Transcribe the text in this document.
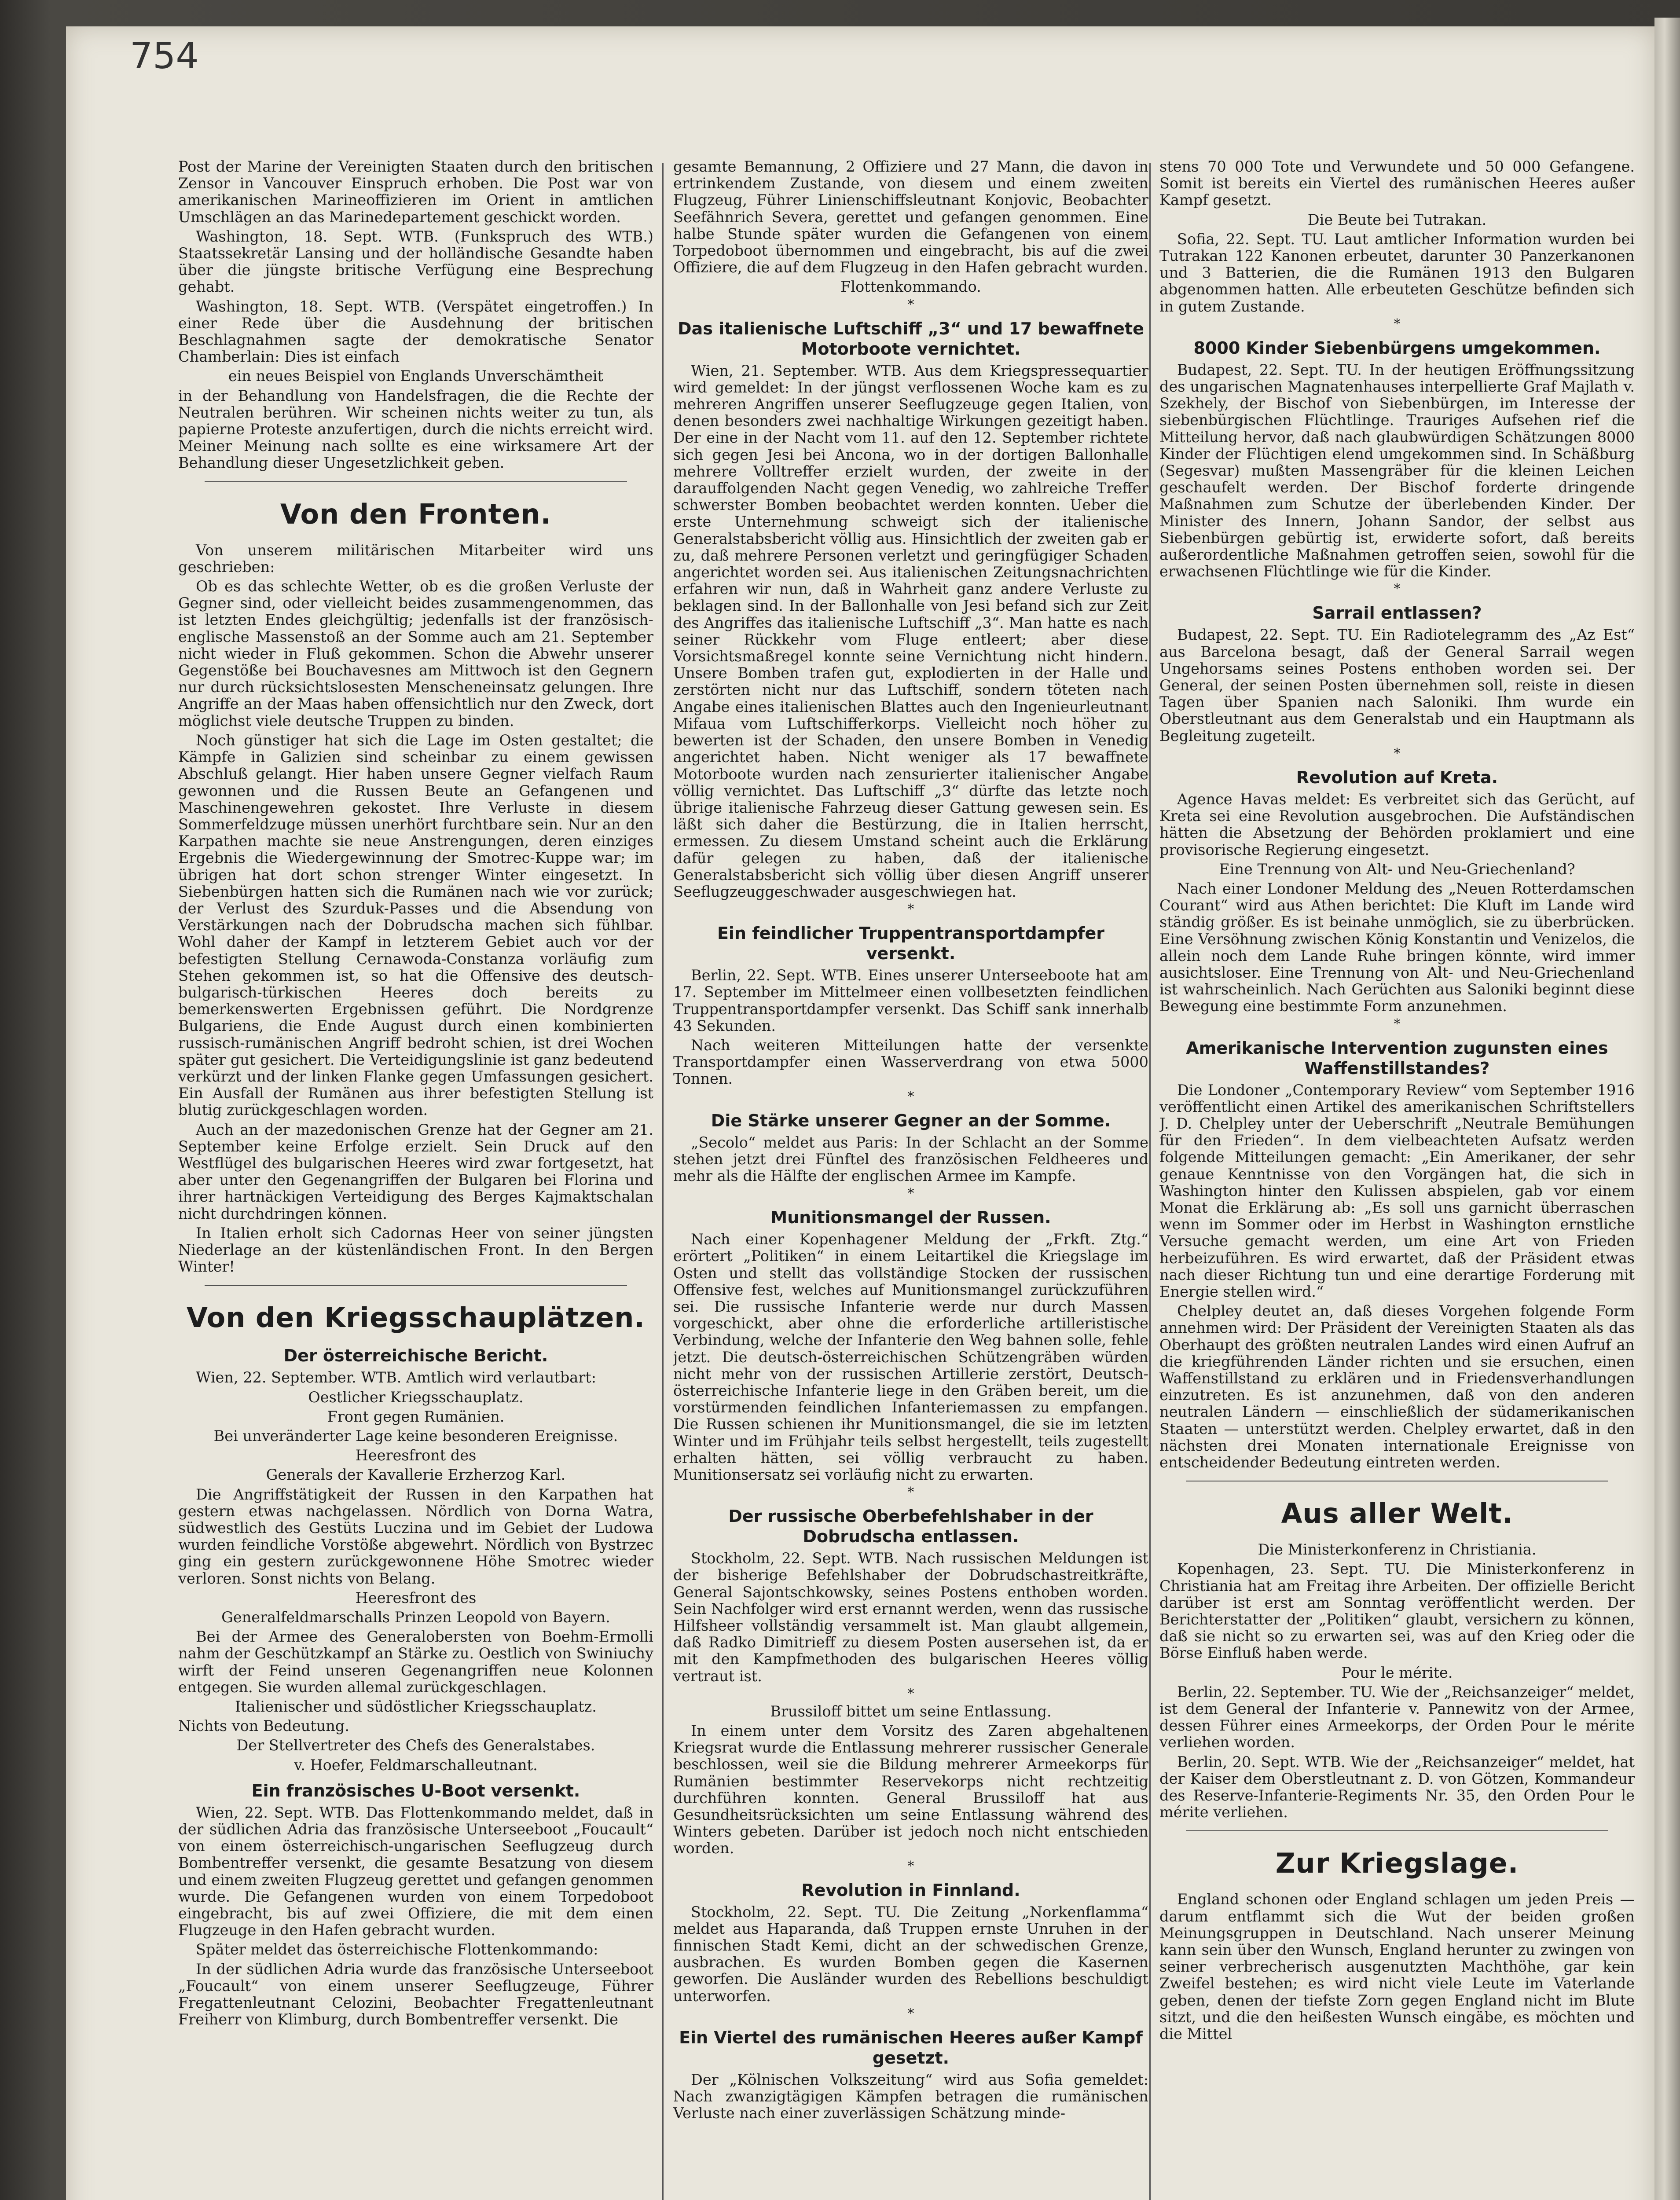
754

Post der Marine der Vereinigten Staaten durch den britischen Zensor in Vancouver Einspruch erhoben. Die Post war von amerikanischen Marineoffizieren im Orient in amtlichen Umschlägen an das Marinedepartement geschickt worden.

Washington, 18. Sept. WTB. (Funkspruch des WTB.) Staatssekretär Lansing und der holländische Gesandte haben über die jüngste britische Verfügung eine Besprechung gehabt.

Washington, 18. Sept. WTB. (Verspätet eingetroffen.) In einer Rede über die Ausdehnung der britischen Beschlagnahmen sagte der demokratische Senator Chamberlain: Dies ist einfach

ein neues Beispiel von Englands Unverschämtheit

in der Behandlung von Handelsfragen, die die Rechte der Neutralen berühren. Wir scheinen nichts weiter zu tun, als papierne Proteste anzufertigen, durch die nichts erreicht wird. Meiner Meinung nach sollte es eine wirksamere Art der Behandlung dieser Ungesetzlichkeit geben.

Von den Fronten.

Von unserem militärischen Mitarbeiter wird uns geschrieben:

Ob es das schlechte Wetter, ob es die großen Verluste der Gegner sind, oder vielleicht beides zusammengenommen, das ist letzten Endes gleichgültig; jedenfalls ist der französisch-englische Massenstoß an der Somme auch am 21. September nicht wieder in Fluß gekommen. Schon die Abwehr unserer Gegenstöße bei Bouchavesnes am Mittwoch ist den Gegnern nur durch rücksichtslosesten Menscheneinsatz gelungen. Ihre Angriffe an der Maas haben offensichtlich nur den Zweck, dort möglichst viele deutsche Truppen zu binden.

Noch günstiger hat sich die Lage im Osten gestaltet; die Kämpfe in Galizien sind scheinbar zu einem gewissen Abschluß gelangt. Hier haben unsere Gegner vielfach Raum gewonnen und die Russen Beute an Gefangenen und Maschinengewehren gekostet. Ihre Verluste in diesem Sommerfeldzuge müssen unerhört furchtbare sein. Nur an den Karpathen machte sie neue Anstrengungen, deren einziges Ergebnis die Wiedergewinnung der Smotrec-Kuppe war; im übrigen hat dort schon strenger Winter eingesetzt. In Siebenbürgen hatten sich die Rumänen nach wie vor zurück; der Verlust des Szurduk-Passes und die Absendung von Verstärkungen nach der Dobrudscha machen sich fühlbar. Wohl daher der Kampf in letzterem Gebiet auch vor der befestigten Stellung Cernawoda-Constanza vorläufig zum Stehen gekommen ist, so hat die Offensive des deutsch-bulgarisch-türkischen Heeres doch bereits zu bemerkenswerten Ergebnissen geführt. Die Nordgrenze Bulgariens, die Ende August durch einen kombinierten russisch-rumänischen Angriff bedroht schien, ist drei Wochen später gut gesichert. Die Verteidigungslinie ist ganz bedeutend verkürzt und der linken Flanke gegen Umfassungen gesichert. Ein Ausfall der Rumänen aus ihrer befestigten Stellung ist blutig zurückgeschlagen worden.

Auch an der mazedonischen Grenze hat der Gegner am 21. September keine Erfolge erzielt. Sein Druck auf den Westflügel des bulgarischen Heeres wird zwar fortgesetzt, hat aber unter den Gegenangriffen der Bulgaren bei Florina und ihrer hartnäckigen Verteidigung des Berges Kajmaktschalan nicht durchdringen können.

In Italien erholt sich Cadornas Heer von seiner jüngsten Niederlage an der küstenländischen Front. In den Bergen Winter!

Von den Kriegsschauplätzen.
Der österreichische Bericht.

Wien, 22. September. WTB. Amtlich wird verlautbart:

Oestlicher Kriegsschauplatz.

Front gegen Rumänien.

Bei unveränderter Lage keine besonderen Ereignisse.

Heeresfront des

Generals der Kavallerie Erzherzog Karl.

Die Angriffstätigkeit der Russen in den Karpathen hat gestern etwas nachgelassen. Nördlich von Dorna Watra, südwestlich des Gestüts Luczina und im Gebiet der Ludowa wurden feindliche Vorstöße abgewehrt. Nördlich von Bystrzec ging ein gestern zurückgewonnene Höhe Smotrec wieder verloren. Sonst nichts von Belang.

Heeresfront des

Generalfeldmarschalls Prinzen Leopold von Bayern.

Bei der Armee des Generalobersten von Boehm-Ermolli nahm der Geschützkampf an Stärke zu. Oestlich von Swiniuchy wirft der Feind unseren Gegenangriffen neue Kolonnen entgegen. Sie wurden allemal zurückgeschlagen.

Italienischer und südöstlicher Kriegsschauplatz.

Nichts von Bedeutung.

Der Stellvertreter des Chefs des Generalstabes.

v. Hoefer, Feldmarschalleutnant.

Ein französisches U-Boot versenkt.

Wien, 22. Sept. WTB. Das Flottenkommando meldet, daß in der südlichen Adria das französische Unterseeboot „Foucault“ von einem österreichisch-ungarischen Seeflugzeug durch Bombentreffer versenkt, die gesamte Besatzung von diesem und einem zweiten Flugzeug gerettet und gefangen genommen wurde. Die Gefangenen wurden von einem Torpedoboot eingebracht, bis auf zwei Offiziere, die mit dem einen Flugzeuge in den Hafen gebracht wurden.

Später meldet das österreichische Flottenkommando:

In der südlichen Adria wurde das französische Unterseeboot „Foucault“ von einem unserer Seeflugzeuge, Führer Fregattenleutnant Celozini, Beobachter Fregattenleutnant Freiherr von Klimburg, durch Bombentreffer versenkt. Die

gesamte Bemannung, 2 Offiziere und 27 Mann, die davon in ertrinkendem Zustande, von diesem und einem zweiten Flugzeug, Führer Linienschiffsleutnant Konjovic, Beobachter Seefähnrich Severa, gerettet und gefangen genommen. Eine halbe Stunde später wurden die Gefangenen von einem Torpedoboot übernommen und eingebracht, bis auf die zwei Offiziere, die auf dem Flugzeug in den Hafen gebracht wurden.

Flottenkommando.

*
Das italienische Luftschiff „3“ und 17 bewaffnete Motorboote vernichtet.

Wien, 21. September. WTB. Aus dem Kriegspressequartier wird gemeldet: In der jüngst verflossenen Woche kam es zu mehreren Angriffen unserer Seeflugzeuge gegen Italien, von denen besonders zwei nachhaltige Wirkungen gezeitigt haben. Der eine in der Nacht vom 11. auf den 12. September richtete sich gegen Jesi bei Ancona, wo in der dortigen Ballonhalle mehrere Volltreffer erzielt wurden, der zweite in der darauffolgenden Nacht gegen Venedig, wo zahlreiche Treffer schwerster Bomben beobachtet werden konnten. Ueber die erste Unternehmung schweigt sich der italienische Generalstabsbericht völlig aus. Hinsichtlich der zweiten gab er zu, daß mehrere Personen verletzt und geringfügiger Schaden angerichtet worden sei. Aus italienischen Zeitungsnachrichten erfahren wir nun, daß in Wahrheit ganz andere Verluste zu beklagen sind. In der Ballonhalle von Jesi befand sich zur Zeit des Angriffes das italienische Luftschiff „3“. Man hatte es nach seiner Rückkehr vom Fluge entleert; aber diese Vorsichtsmaßregel konnte seine Vernichtung nicht hindern. Unsere Bomben trafen gut, explodierten in der Halle und zerstörten nicht nur das Luftschiff, sondern töteten nach Angabe eines italienischen Blattes auch den Ingenieurleutnant Mifaua vom Luftschifferkorps. Vielleicht noch höher zu bewerten ist der Schaden, den unsere Bomben in Venedig angerichtet haben. Nicht weniger als 17 bewaffnete Motorboote wurden nach zensurierter italienischer Angabe völlig vernichtet. Das Luftschiff „3“ dürfte das letzte noch übrige italienische Fahrzeug dieser Gattung gewesen sein. Es läßt sich daher die Bestürzung, die in Italien herrscht, ermessen. Zu diesem Umstand scheint auch die Erklärung dafür gelegen zu haben, daß der italienische Generalstabsbericht sich völlig über diesen Angriff unserer Seeflugzeuggeschwader ausgeschwiegen hat.

*
Ein feindlicher Truppentransportdampfer versenkt.

Berlin, 22. Sept. WTB. Eines unserer Unterseeboote hat am 17. September im Mittelmeer einen vollbesetzten feindlichen Truppentransportdampfer versenkt. Das Schiff sank innerhalb 43 Sekunden.

Nach weiteren Mitteilungen hatte der versenkte Transportdampfer einen Wasserverdrang von etwa 5000 Tonnen.

*
Die Stärke unserer Gegner an der Somme.

„Secolo“ meldet aus Paris: In der Schlacht an der Somme stehen jetzt drei Fünftel des französischen Feldheeres und mehr als die Hälfte der englischen Armee im Kampfe.

*
Munitionsmangel der Russen.

Nach einer Kopenhagener Meldung der „Frkft. Ztg.“ erörtert „Politiken“ in einem Leitartikel die Kriegslage im Osten und stellt das vollständige Stocken der russischen Offensive fest, welches auf Munitionsmangel zurückzuführen sei. Die russische Infanterie werde nur durch Massen vorgeschickt, aber ohne die erforderliche artilleristische Verbindung, welche der Infanterie den Weg bahnen solle, fehle jetzt. Die deutsch-österreichischen Schützengräben würden nicht mehr von der russischen Artillerie zerstört, Deutsch-österreichische Infanterie liege in den Gräben bereit, um die vorstürmenden feindlichen Infanteriemassen zu empfangen. Die Russen schienen ihr Munitionsmangel, die sie im letzten Winter und im Frühjahr teils selbst hergestellt, teils zugestellt erhalten hätten, sei völlig verbraucht zu haben. Munitionsersatz sei vorläufig nicht zu erwarten.

*
Der russische Oberbefehlshaber in der Dobrudscha entlassen.

Stockholm, 22. Sept. WTB. Nach russischen Meldungen ist der bisherige Befehlshaber der Dobrudschastreitkräfte, General Sajontschkowsky, seines Postens enthoben worden. Sein Nachfolger wird erst ernannt werden, wenn das russische Hilfsheer vollständig versammelt ist. Man glaubt allgemein, daß Radko Dimitrieff zu diesem Posten ausersehen ist, da er mit den Kampfmethoden des bulgarischen Heeres völlig vertraut ist.

*

Brussiloff bittet um seine Entlassung.

In einem unter dem Vorsitz des Zaren abgehaltenen Kriegsrat wurde die Entlassung mehrerer russischer Generale beschlossen, weil sie die Bildung mehrerer Armeekorps für Rumänien bestimmter Reservekorps nicht rechtzeitig durchführen konnten. General Brussiloff hat aus Gesundheitsrücksichten um seine Entlassung während des Winters gebeten. Darüber ist jedoch noch nicht entschieden worden.

*
Revolution in Finnland.

Stockholm, 22. Sept. TU. Die Zeitung „Norkenflamma“ meldet aus Haparanda, daß Truppen ernste Unruhen in der finnischen Stadt Kemi, dicht an der schwedischen Grenze, ausbrachen. Es wurden Bomben gegen die Kasernen geworfen. Die Ausländer wurden des Rebellions beschuldigt unterworfen.

*
Ein Viertel des rumänischen Heeres außer Kampf gesetzt.

Der „Kölnischen Volkszeitung“ wird aus Sofia gemeldet: Nach zwanzigtägigen Kämpfen betragen die rumänischen Verluste nach einer zuverlässigen Schätzung minde-

stens 70 000 Tote und Verwundete und 50 000 Gefangene. Somit ist bereits ein Viertel des rumänischen Heeres außer Kampf gesetzt.

Die Beute bei Tutrakan.

Sofia, 22. Sept. TU. Laut amtlicher Information wurden bei Tutrakan 122 Kanonen erbeutet, darunter 30 Panzerkanonen und 3 Batterien, die die Rumänen 1913 den Bulgaren abgenommen hatten. Alle erbeuteten Geschütze befinden sich in gutem Zustande.

*
8000 Kinder Siebenbürgens umgekommen.

Budapest, 22. Sept. TU. In der heutigen Eröffnungssitzung des ungarischen Magnatenhauses interpellierte Graf Majlath v. Szekhely, der Bischof von Siebenbürgen, im Interesse der siebenbürgischen Flüchtlinge. Trauriges Aufsehen rief die Mitteilung hervor, daß nach glaubwürdigen Schätzungen 8000 Kinder der Flüchtigen elend umgekommen sind. In Schäßburg (Segesvar) mußten Massengräber für die kleinen Leichen geschaufelt werden. Der Bischof forderte dringende Maßnahmen zum Schutze der überlebenden Kinder. Der Minister des Innern, Johann Sandor, der selbst aus Siebenbürgen gebürtig ist, erwiderte sofort, daß bereits außerordentliche Maßnahmen getroffen seien, sowohl für die erwachsenen Flüchtlinge wie für die Kinder.

*
Sarrail entlassen?

Budapest, 22. Sept. TU. Ein Radiotelegramm des „Az Est“ aus Barcelona besagt, daß der General Sarrail wegen Ungehorsams seines Postens enthoben worden sei. Der General, der seinen Posten übernehmen soll, reiste in diesen Tagen über Spanien nach Saloniki. Ihm wurde ein Oberstleutnant aus dem Generalstab und ein Hauptmann als Begleitung zugeteilt.

*
Revolution auf Kreta.

Agence Havas meldet: Es verbreitet sich das Gerücht, auf Kreta sei eine Revolution ausgebrochen. Die Aufständischen hätten die Absetzung der Behörden proklamiert und eine provisorische Regierung eingesetzt.

Eine Trennung von Alt- und Neu-Griechenland?

Nach einer Londoner Meldung des „Neuen Rotterdamschen Courant“ wird aus Athen berichtet: Die Kluft im Lande wird ständig größer. Es ist beinahe unmöglich, sie zu überbrücken. Eine Versöhnung zwischen König Konstantin und Venizelos, die allein noch dem Lande Ruhe bringen könnte, wird immer ausichtsloser. Eine Trennung von Alt- und Neu-Griechenland ist wahrscheinlich. Nach Gerüchten aus Saloniki beginnt diese Bewegung eine bestimmte Form anzunehmen.

*
Amerikanische Intervention zugunsten eines Waffenstillstandes?

Die Londoner „Contemporary Review“ vom September 1916 veröffentlicht einen Artikel des amerikanischen Schriftstellers J. D. Chelpley unter der Ueberschrift „Neutrale Bemühungen für den Frieden“. In dem vielbeachteten Aufsatz werden folgende Mitteilungen gemacht: „Ein Amerikaner, der sehr genaue Kenntnisse von den Vorgängen hat, die sich in Washington hinter den Kulissen abspielen, gab vor einem Monat die Erklärung ab: „Es soll uns garnicht überraschen wenn im Sommer oder im Herbst in Washington ernstliche Versuche gemacht werden, um eine Art von Frieden herbeizuführen. Es wird erwartet, daß der Präsident etwas nach dieser Richtung tun und eine derartige Forderung mit Energie stellen wird.“

Chelpley deutet an, daß dieses Vorgehen folgende Form annehmen wird: Der Präsident der Vereinigten Staaten als das Oberhaupt des größten neutralen Landes wird einen Aufruf an die kriegführenden Länder richten und sie ersuchen, einen Waffenstillstand zu erklären und in Friedensverhandlungen einzutreten. Es ist anzunehmen, daß von den anderen neutralen Ländern — einschließlich der südamerikanischen Staaten — unterstützt werden. Chelpley erwartet, daß in den nächsten drei Monaten internationale Ereignisse von entscheidender Bedeutung eintreten werden.

Aus aller Welt.

Die Ministerkonferenz in Christiania.

Kopenhagen, 23. Sept. TU. Die Ministerkonferenz in Christiania hat am Freitag ihre Arbeiten. Der offizielle Bericht darüber ist erst am Sonntag veröffentlicht werden. Der Berichterstatter der „Politiken“ glaubt, versichern zu können, daß sie nicht so zu erwarten sei, was auf den Krieg oder die Börse Einfluß haben werde.

Pour le mérite.

Berlin, 22. September. TU. Wie der „Reichsanzeiger“ meldet, ist dem General der Infanterie v. Pannewitz von der Armee, dessen Führer eines Armeekorps, der Orden Pour le mérite verliehen worden.

Berlin, 20. Sept. WTB. Wie der „Reichsanzeiger“ meldet, hat der Kaiser dem Oberstleutnant z. D. von Götzen, Kommandeur des Reserve-Infanterie-Regiments Nr. 35, den Orden Pour le mérite verliehen.

Zur Kriegslage.

England schonen oder England schlagen um jeden Preis — darum entflammt sich die Wut der beiden großen Meinungsgruppen in Deutschland. Nach unserer Meinung kann sein über den Wunsch, England herunter zu zwingen von seiner verbrecherisch ausgenutzten Machthöhe, gar kein Zweifel bestehen; es wird nicht viele Leute im Vaterlande geben, denen der tiefste Zorn gegen England nicht im Blute sitzt, und die den heißesten Wunsch eingäbe, es möchten und die Mittel
